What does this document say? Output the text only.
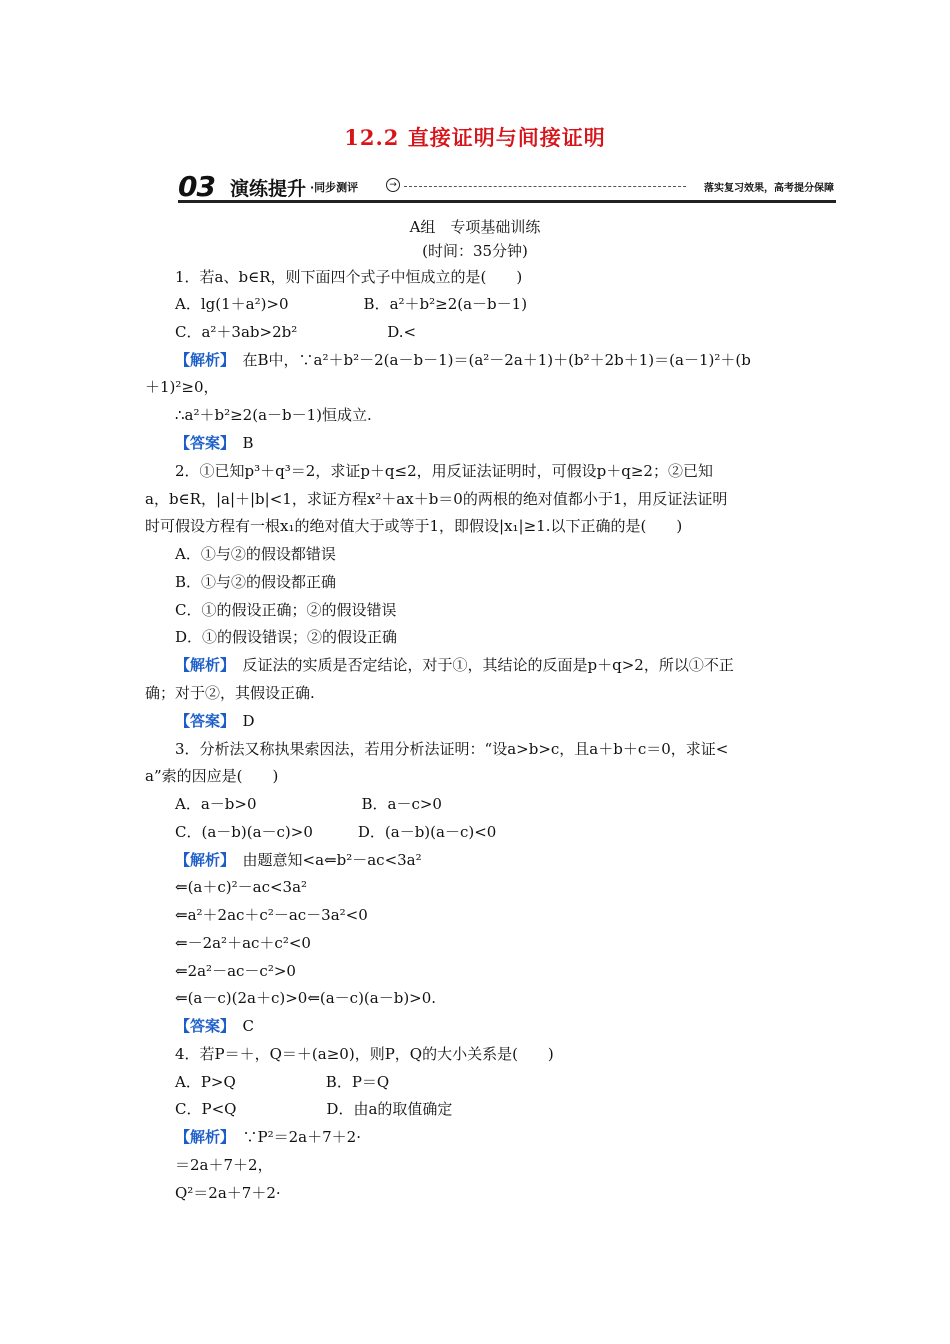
12.2 直接证明与间接证明
03 演练提升 ·同步测评	→	落实复习效果，高考提分保障
A组　专项基础训练
(时间：35分钟)
1．若a、b∈R，则下面四个式子中恒成立的是(　　)
A．lg(1＋a²)>0　　　　　B．a²＋b²≥2(a－b－1)
C．a²＋3ab>2b²　　　　　　D.<
【解析】　 在B中，∵a²＋b²－2(a－b－1)＝(a²－2a＋1)＋(b²＋2b＋1)＝(a－1)²＋(b
＋1)²≥0，
∴a²＋b²≥2(a－b－1)恒成立.
【答案】　 B
2．①已知p³＋q³＝2，求证p＋q≤2，用反证法证明时，可假设p＋q≥2；②已知
a，b∈R，|a|＋|b|<1，求证方程x²＋ax＋b＝0的两根的绝对值都小于1，用反证法证明
时可假设方程有一根x₁的绝对值大于或等于1，即假设|x₁|≥1.以下正确的是(　　)
A．①与②的假设都错误
B．①与②的假设都正确
C．①的假设正确；②的假设错误
D．①的假设错误；②的假设正确
【解析】　 反证法的实质是否定结论，对于①，其结论的反面是p＋q>2，所以①不正
确；对于②，其假设正确.
【答案】　 D
3．分析法又称执果索因法，若用分析法证明：“设a>b>c，且a＋b＋c＝0，求证<
a”索的因应是(　　)
A．a－b>0　　　　　　　B．a－c>0
C．(a－b)(a－c)>0　　　D．(a－b)(a－c)<0
【解析】　 由题意知<a⇐b²－ac<3a²
⇐(a＋c)²－ac<3a²
⇐a²＋2ac＋c²－ac－3a²<0
⇐－2a²＋ac＋c²<0
⇐2a²－ac－c²>0
⇐(a－c)(2a＋c)>0⇐(a－c)(a－b)>0.
【答案】　 C
4．若P＝＋，Q＝＋(a≥0)，则P，Q的大小关系是(　　)
A．P>Q　　　　　　B．P＝Q
C．P<Q　　　　　　D．由a的取值确定
【解析】　 ∵P²＝2a＋7＋2·
＝2a＋7＋2，
Q²＝2a＋7＋2·
